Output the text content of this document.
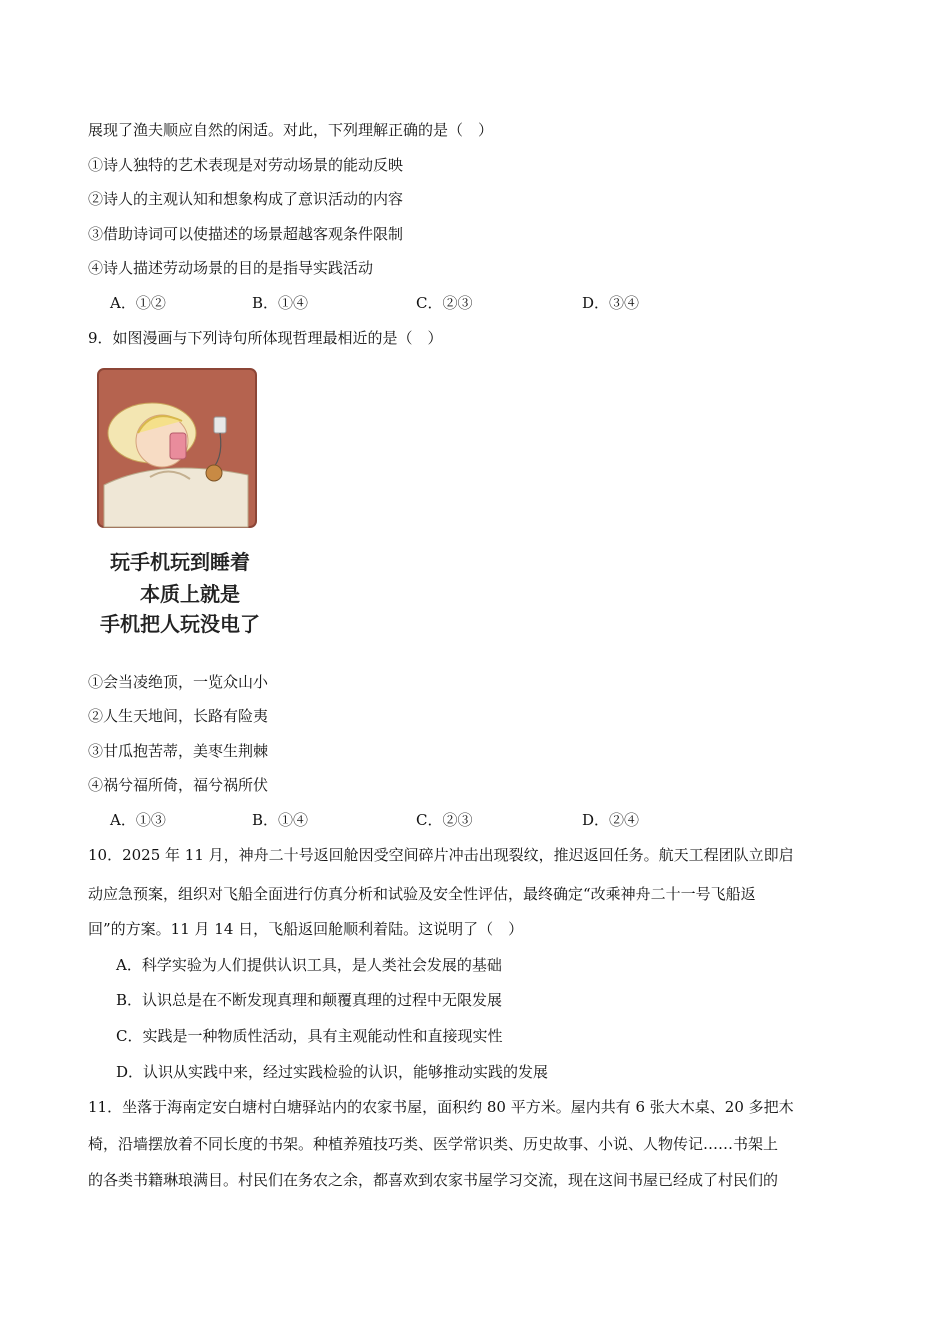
展现了渔夫顺应自然的闲适。对此，下列理解正确的是（　）
①诗人独特的艺术表现是对劳动场景的能动反映
②诗人的主观认知和想象构成了意识活动的内容
③借助诗词可以使描述的场景超越客观条件限制
④诗人描述劳动场景的目的是指导实践活动
A．①②	B．①④	C．②③	D．③④
9．如图漫画与下列诗句所体现哲理最相近的是（　）
玩手机玩到睡着
本质上就是
手机把人玩没电了
①会当凌绝顶，一览众山小
②人生天地间，长路有险夷
③甘瓜抱苦蒂，美枣生荆棘
④祸兮福所倚，福兮祸所伏
A．①③	B．①④	C．②③	D．②④
10．2025 年 11 月，神舟二十号返回舱因受空间碎片冲击出现裂纹，推迟返回任务。航天工程团队立即启
动应急预案，组织对飞船全面进行仿真分析和试验及安全性评估，最终确定“改乘神舟二十一号飞船返
回”的方案。11 月 14 日，飞船返回舱顺利着陆。这说明了（　）
A．科学实验为人们提供认识工具，是人类社会发展的基础
B．认识总是在不断发现真理和颠覆真理的过程中无限发展
C．实践是一种物质性活动，具有主观能动性和直接现实性
D．认识从实践中来，经过实践检验的认识，能够推动实践的发展
11．坐落于海南定安白塘村白塘驿站内的农家书屋，面积约 80 平方米。屋内共有 6 张大木桌、20 多把木
椅，沿墙摆放着不同长度的书架。种植养殖技巧类、医学常识类、历史故事、小说、人物传记……书架上
的各类书籍琳琅满目。村民们在务农之余，都喜欢到农家书屋学习交流，现在这间书屋已经成了村民们的
